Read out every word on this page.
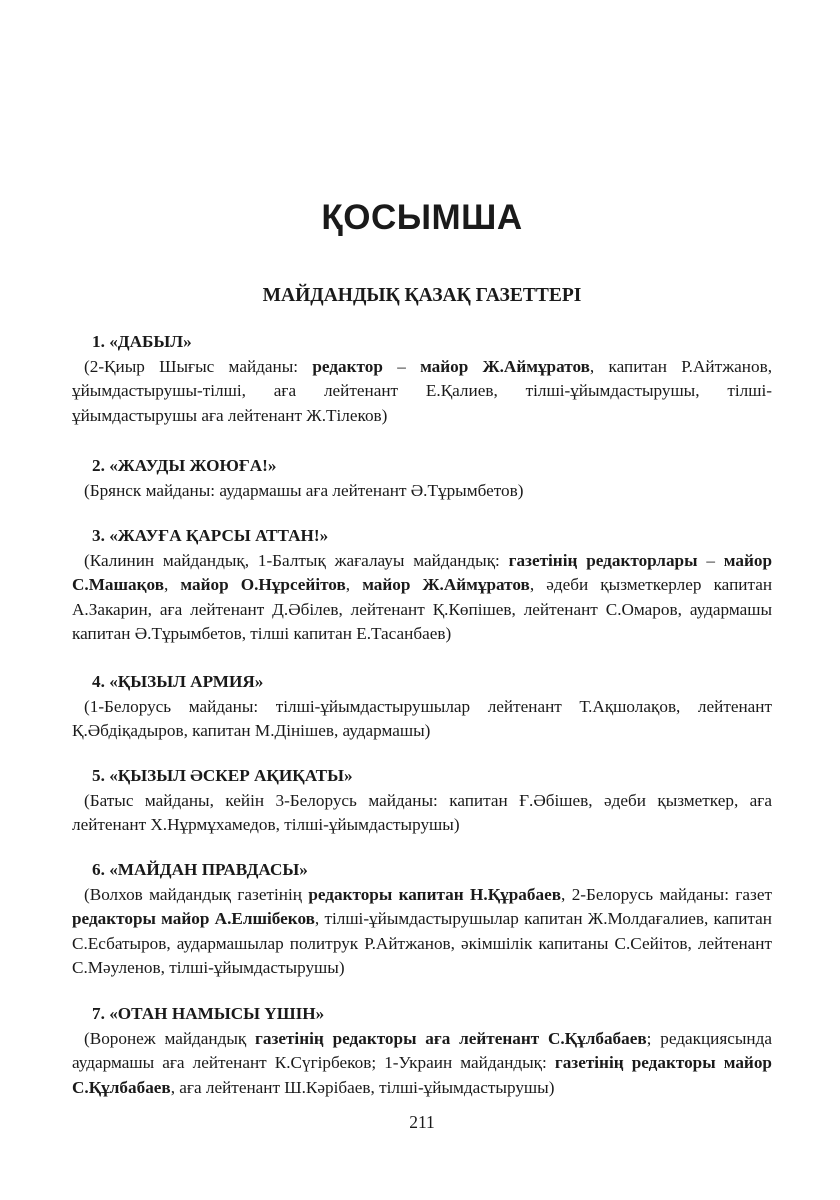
ҚОСЫМША
МАЙДАНДЫҚ ҚАЗАҚ ГАЗЕТТЕРІ

1. «ДАБЫЛ»

(2-Қиыр Шығыс майданы: редактор – майор Ж.Аймұратов, капитан Р.Айтжанов, ұйымдастырушы-тілші, аға лейтенант Е.Қалиев, тілші-ұйымдастырушы, тілші-ұйымдастырушы аға лейтенант Ж.Тілеков)

2. «ЖАУДЫ ЖОЮҒА!»

(Брянск майданы: аудармашы аға лейтенант Ә.Тұрымбетов)

3. «ЖАУҒА ҚАРСЫ АТТАН!»

(Калинин майдандық, 1-Балтық жағалауы майдандық: газетінің редакторлары – майор С.Машақов, майор О.Нұрсейітов, майор Ж.Аймұратов, әдеби қызметкерлер капитан А.Закарин, аға лейтенант Д.Әбілев, лейтенант Қ.Көпішев, лейтенант С.Омаров, аудармашы капитан Ә.Тұрымбетов, тілші капитан Е.Тасанбаев)

4. «ҚЫЗЫЛ АРМИЯ»

(1-Белорусь майданы: тілші-ұйымдастырушылар лейтенант Т.Ақшолақов, лейтенант Қ.Әбдіқадыров, капитан М.Дінішев, аудармашы)

5. «ҚЫЗЫЛ ӘСКЕР АҚИҚАТЫ»

(Батыс майданы, кейін 3-Белорусь майданы: капитан Ғ.Әбішев, әдеби қызметкер, аға лейтенант Х.Нұрмұхамедов, тілші-ұйымдастырушы)

6. «МАЙДАН ПРАВДАСЫ»

(Волхов майдандық газетінің редакторы капитан Н.Құрабаев, 2-Белорусь майданы: газет редакторы майор А.Елшібеков, тілші-ұйымдастырушылар капитан Ж.Молдағалиев, капитан С.Есбатыров, аудармашылар политрук Р.Айтжанов, әкімшілік капитаны С.Сейітов, лейтенант С.Мәуленов, тілші-ұйымдастырушы)

7. «ОТАН НАМЫСЫ ҮШІН»

(Воронеж майдандық газетінің редакторы аға лейтенант С.Құлбабаев; редакциясында аудармашы аға лейтенант К.Сүгірбеков; 1-Украин майдандық: газетінің редакторы майор С.Құлбабаев, аға лейтенант Ш.Кәрібаев, тілші-ұйымдастырушы)

211
